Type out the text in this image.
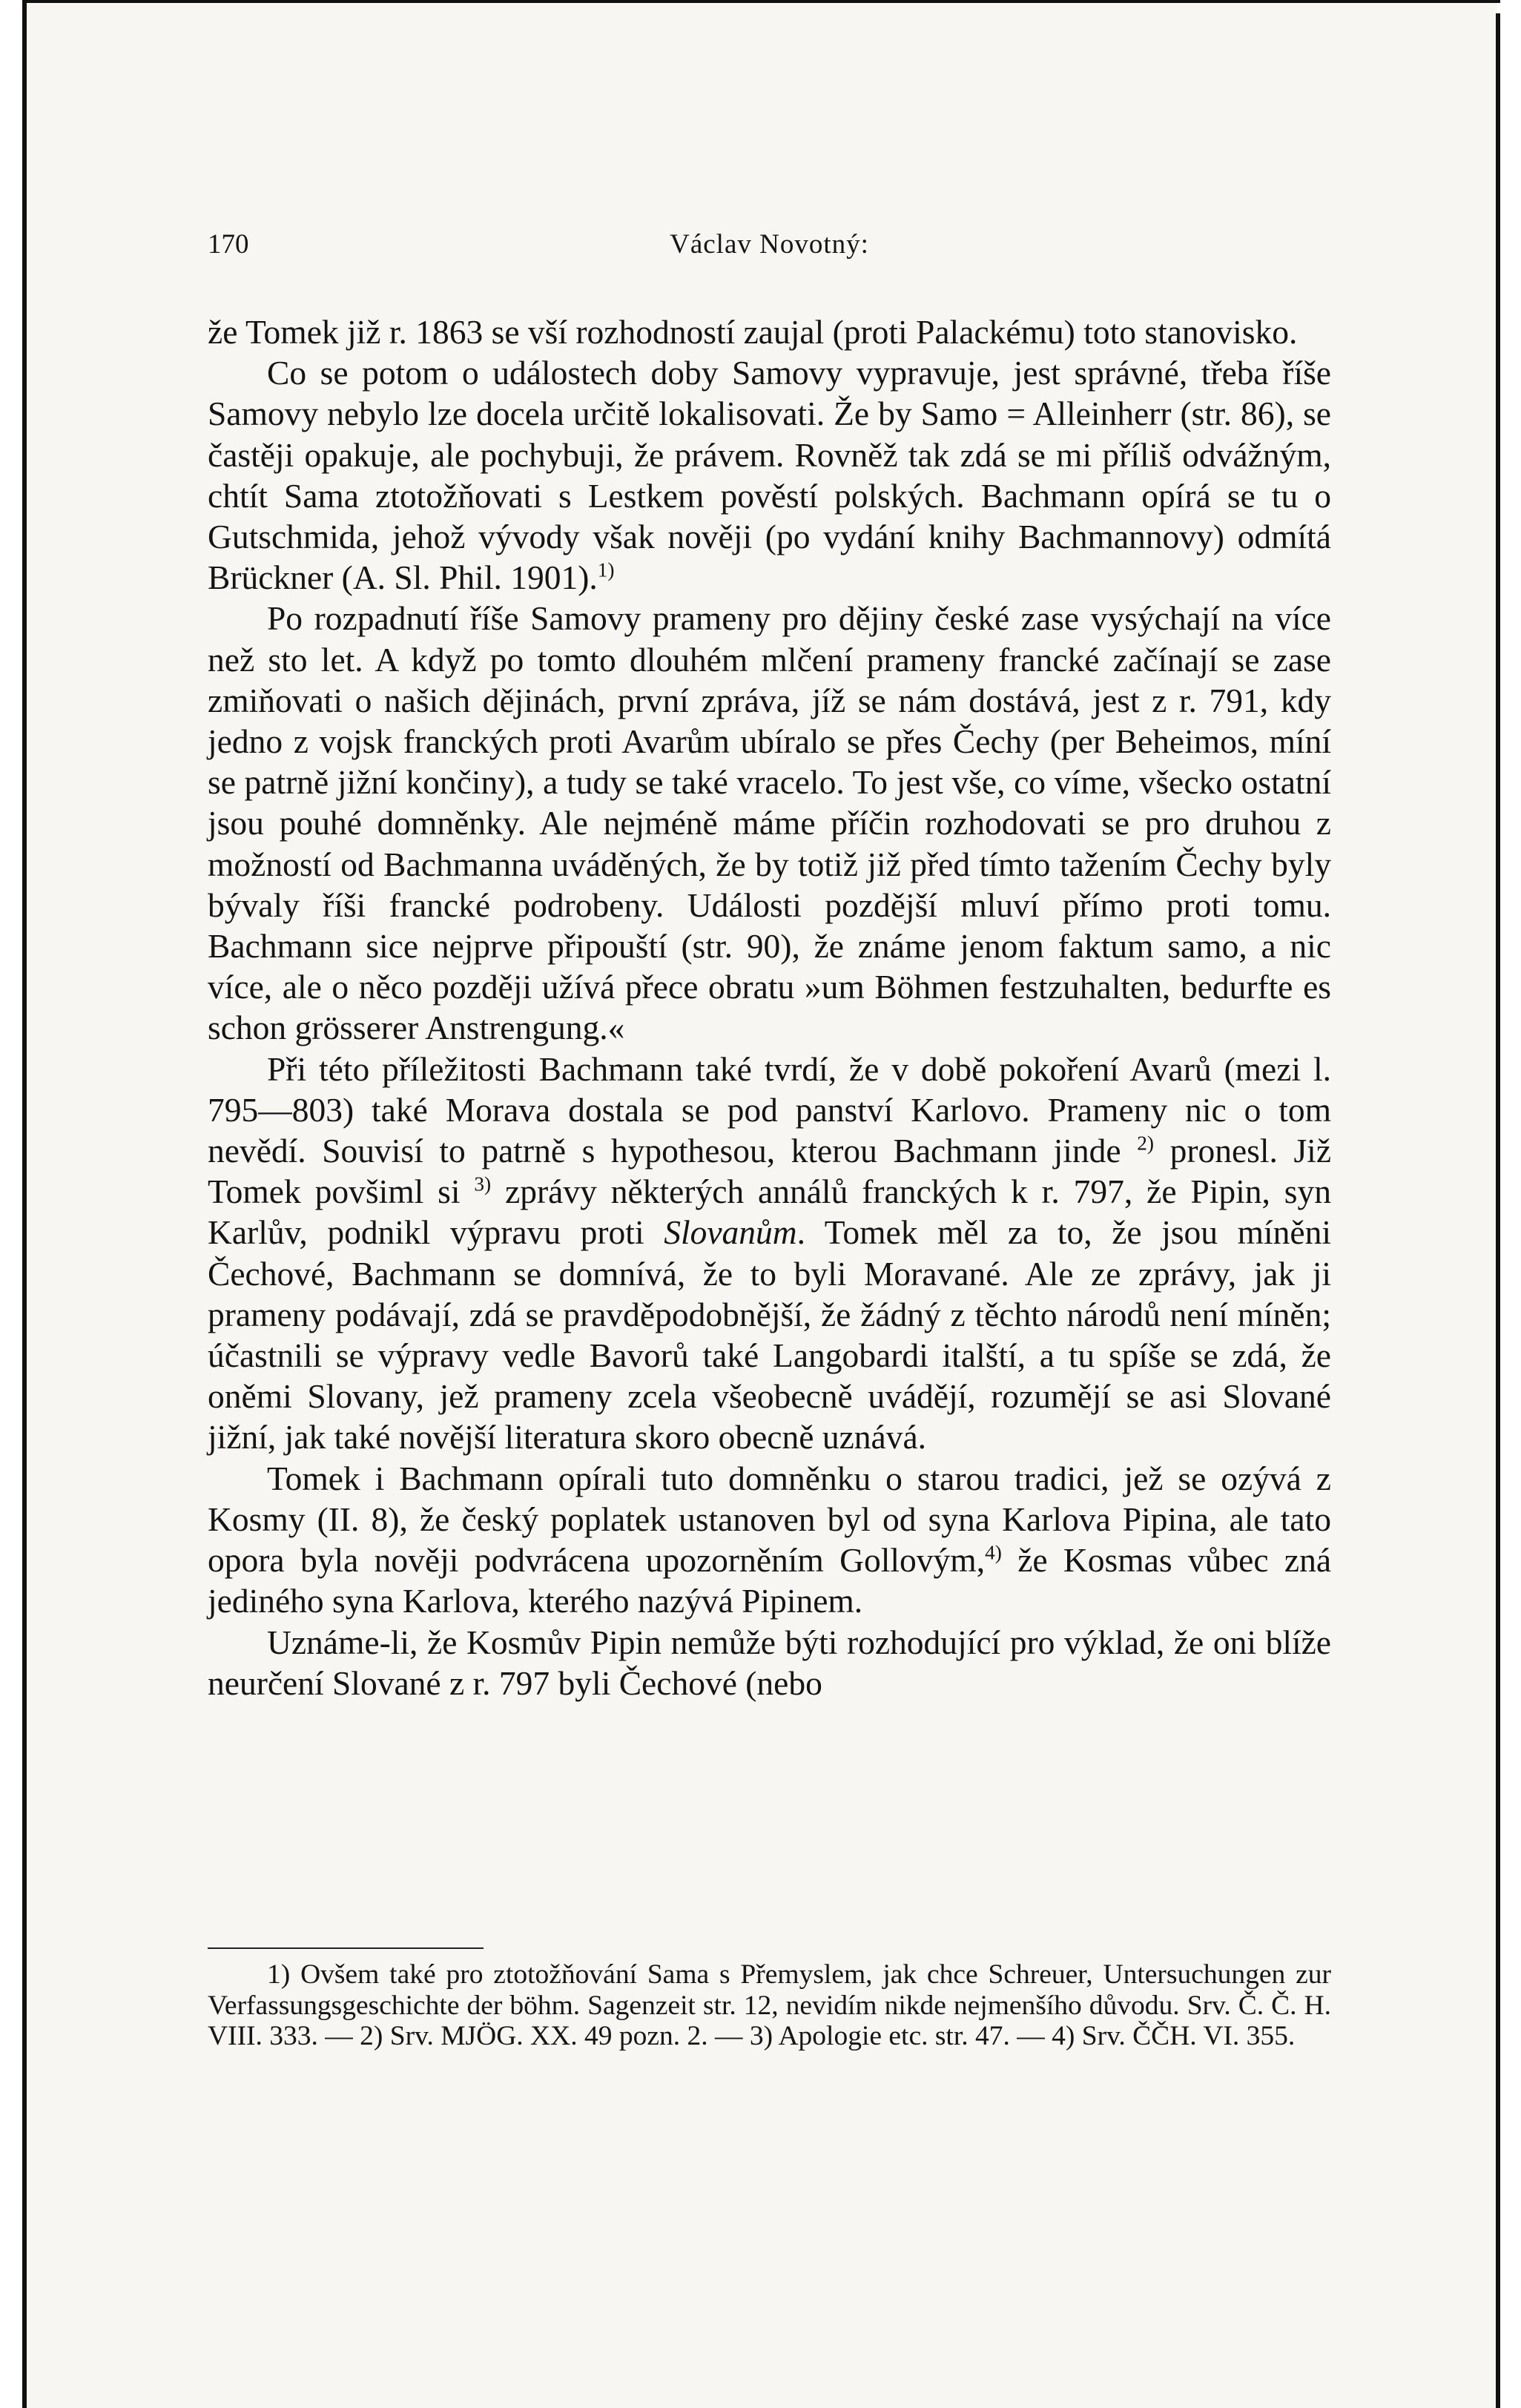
170	Václav Novotný:

že Tomek již r. 1863 se vší rozhodností zaujal (proti Palackému) toto stanovisko.

Co se potom o událostech doby Samovy vypravuje, jest správné, třeba říše Samovy nebylo lze docela určitě lokalisovati. Že by Samo = Alleinherr (str. 86), se častěji opakuje, ale pochybuji, že právem. Rovněž tak zdá se mi příliš odvážným, chtít Sama ztotožňovati s Lestkem pověstí polských. Bachmann opírá se tu o Gutschmida, jehož vývody však nověji (po vydání knihy Bachmannovy) odmítá Brückner (A. Sl. Phil. 1901).$^{1)}$

Po rozpadnutí říše Samovy prameny pro dějiny české zase vysýchají na více než sto let. A když po tomto dlouhém mlčení prameny francké začínají se zase zmiňovati o našich dějinách, první zpráva, jíž se nám dostává, jest z r. 791, kdy jedno z vojsk franckých proti Avarům ubíralo se přes Čechy (per Beheimos, míní se patrně jižní končiny), a tudy se také vracelo. To jest vše, co víme, všecko ostatní jsou pouhé domněnky. Ale nejméně máme příčin rozhodovati se pro druhou z možností od Bachmanna uváděných, že by totiž již před tímto tažením Čechy byly bývaly říši francké podrobeny. Události pozdější mluví přímo proti tomu. Bachmann sice nejprve připouští (str. 90), že známe jenom faktum samo, a nic více, ale o něco později užívá přece obratu »um Böhmen festzuhalten, bedurfte es schon grösserer Anstrengung.«

Při této příležitosti Bachmann také tvrdí, že v době pokoření Avarů (mezi l. 795—803) také Morava dostala se pod panství Karlovo. Prameny nic o tom nevědí. Souvisí to patrně s hypothesou, kterou Bachmann jinde $^{2)}$ pronesl. Již Tomek povšiml si $^{3)}$ zprávy některých annálů franckých k r. 797, že Pipin, syn Karlův, podnikl výpravu proti Slovanům. Tomek měl za to, že jsou míněni Čechové, Bachmann se domnívá, že to byli Moravané. Ale ze zprávy, jak ji prameny podávají, zdá se pravděpodobnější, že žádný z těchto národů není míněn; účastnili se výpravy vedle Bavorů také Langobardi italští, a tu spíše se zdá, že oněmi Slovany, jež prameny zcela všeobecně uvádějí, rozumějí se asi Slované jižní, jak také novější literatura skoro obecně uznává.

Tomek i Bachmann opírali tuto domněnku o starou tradici, jež se ozývá z Kosmy (II. 8), že český poplatek ustanoven byl od syna Karlova Pipina, ale tato opora byla nověji podvrácena upozorněním Gollovým,$^{4)}$ že Kosmas vůbec zná jediného syna Karlova, kterého nazývá Pipinem.

Uznáme-li, že Kosmův Pipin nemůže býti rozhodující pro výklad, že oni blíže neurčení Slované z r. 797 byli Čechové (nebo

1) Ovšem také pro ztotožňování Sama s Přemyslem, jak chce Schreuer, Untersuchungen zur Verfassungsgeschichte der böhm. Sagenzeit str. 12, nevidím nikde nejmenšího důvodu. Srv. Č. Č. H. VIII. 333. — 2) Srv. MJÖG. XX. 49 pozn. 2. — 3) Apologie etc. str. 47. — 4) Srv. ČČH. VI. 355.
